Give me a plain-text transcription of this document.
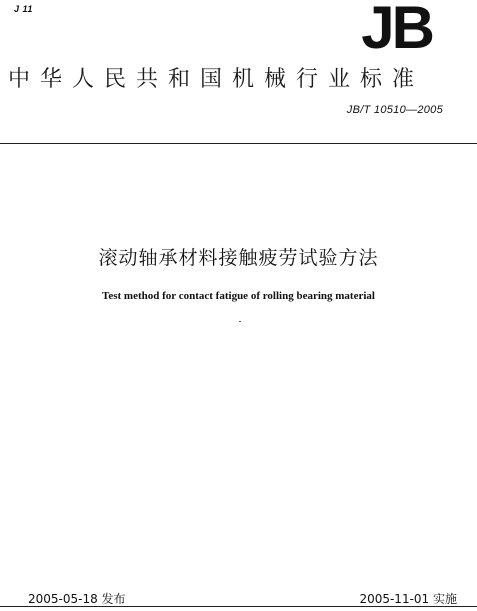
J 11	JB
中华人民共和国机械行业标准
JB/T 10510—2005
滚动轴承材料接触疲劳试验方法
Test method for contact fatigue of rolling bearing material
2005-05-18 发布	2005-11-01 实施
